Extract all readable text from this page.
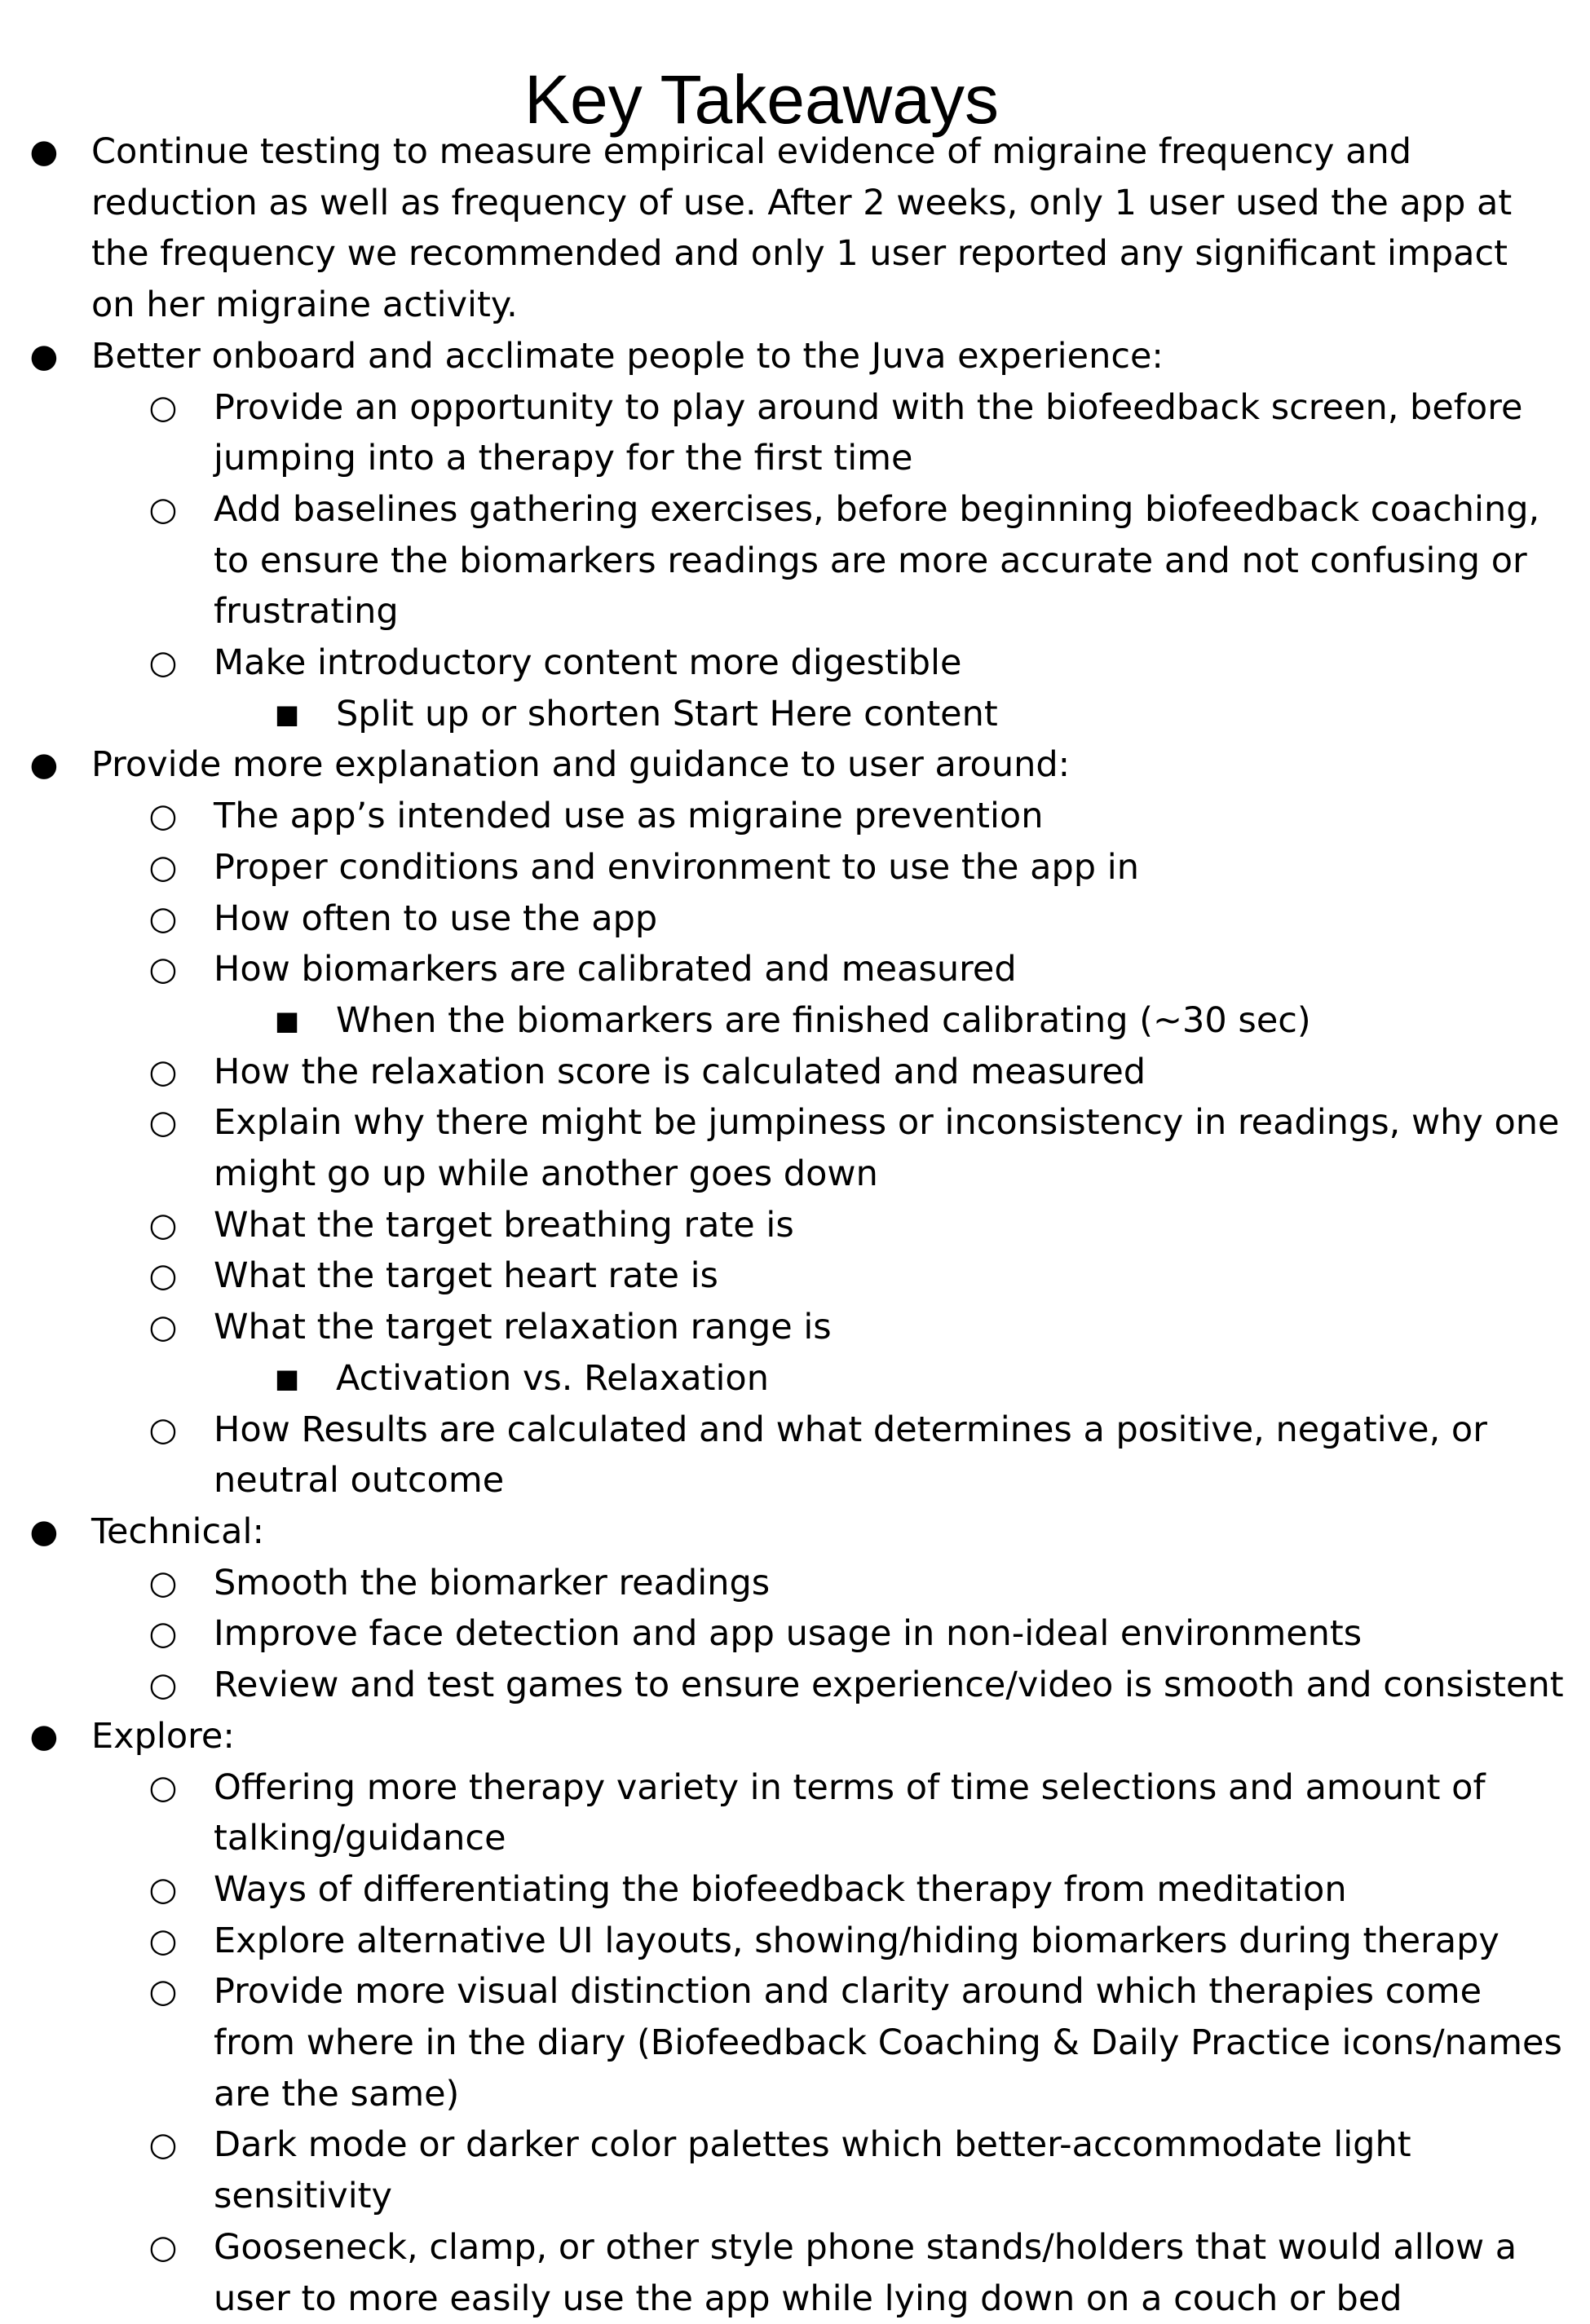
Key Takeaways
● Continue testing to measure empirical evidence of migraine frequency and reduction as well as frequency of use. After 2 weeks, only 1 user used the app at the frequency we recommended and only 1 user reported any significant impact on her migraine activity.
● Better onboard and acclimate people to the Juva experience:
○ Provide an opportunity to play around with the biofeedback screen, before jumping into a therapy for the first time
○ Add baselines gathering exercises, before beginning biofeedback coaching, to ensure the biomarkers readings are more accurate and not confusing or frustrating
○ Make introductory content more digestible
■ Split up or shorten Start Here content
● Provide more explanation and guidance to user around:
○ The app’s intended use as migraine prevention
○ Proper conditions and environment to use the app in
○ How often to use the app
○ How biomarkers are calibrated and measured
■ When the biomarkers are finished calibrating (~30 sec)
○ How the relaxation score is calculated and measured
○ Explain why there might be jumpiness or inconsistency in readings, why one might go up while another goes down
○ What the target breathing rate is
○ What the target heart rate is
○ What the target relaxation range is
■ Activation vs. Relaxation
○ How Results are calculated and what determines a positive, negative, or neutral outcome
● Technical:
○ Smooth the biomarker readings
○ Improve face detection and app usage in non-ideal environments
○ Review and test games to ensure experience/video is smooth and consistent
● Explore:
○ Offering more therapy variety in terms of time selections and amount of talking/guidance
○ Ways of differentiating the biofeedback therapy from meditation
○ Explore alternative UI layouts, showing/hiding biomarkers during therapy
○ Provide more visual distinction and clarity around which therapies come from where in the diary (Biofeedback Coaching & Daily Practice icons/names are the same)
○ Dark mode or darker color palettes which better-accommodate light sensitivity
○ Gooseneck, clamp, or other style phone stands/holders that would allow a user to more easily use the app while lying down on a couch or bed
